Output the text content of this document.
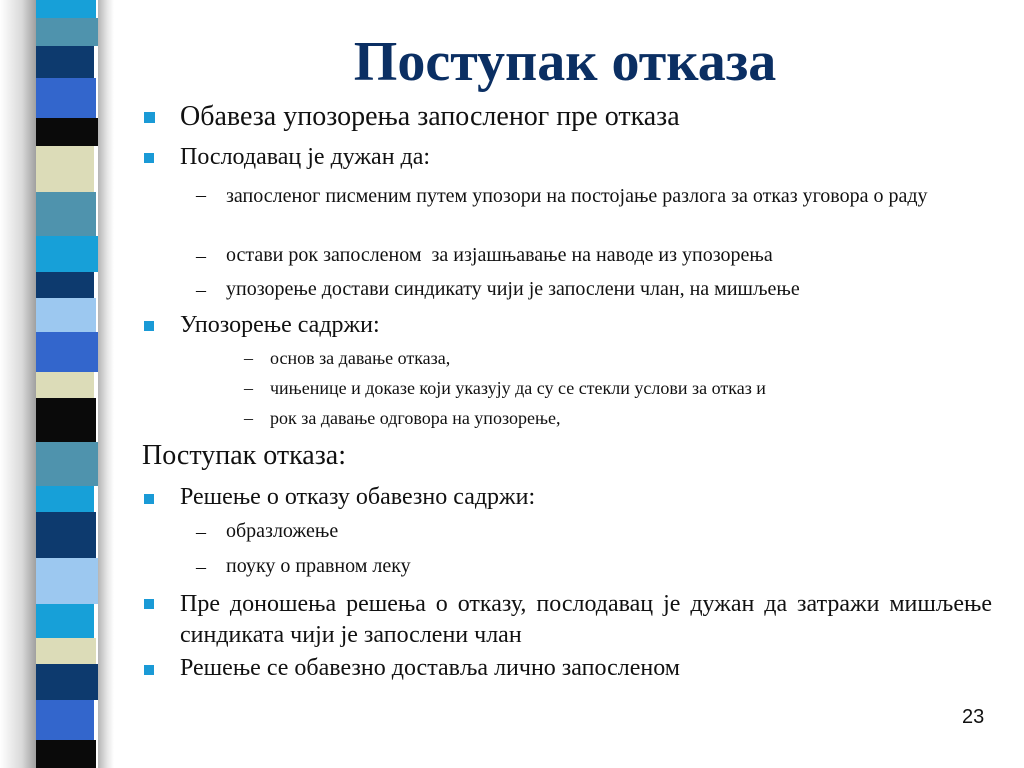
Поступак отказа
Обавеза упозорења запосленог пре отказа
Послодавац је дужан да:
– запосленог писменим путем упозори на постојање разлога за отказ уговора о раду
– остави рок запосленом  за изјашњавање на наводе из упозорења
– упозорење достави синдикату чији је запослени члан, на мишљење
Упозорење садржи:
– основ за давање отказа,
– чињенице и доказе који указују да су се стекли услови за отказ и
– рок за давање одговора на упозорење,
Поступак отказа:
Решење о отказу обавезно садржи:
– образложење
– поуку о правном леку
Пре доношења решења о отказу, послодавац је дужан да затражи мишљење синдиката чији је запослени члан
Решење се обавезно доставља лично запосленом
23
